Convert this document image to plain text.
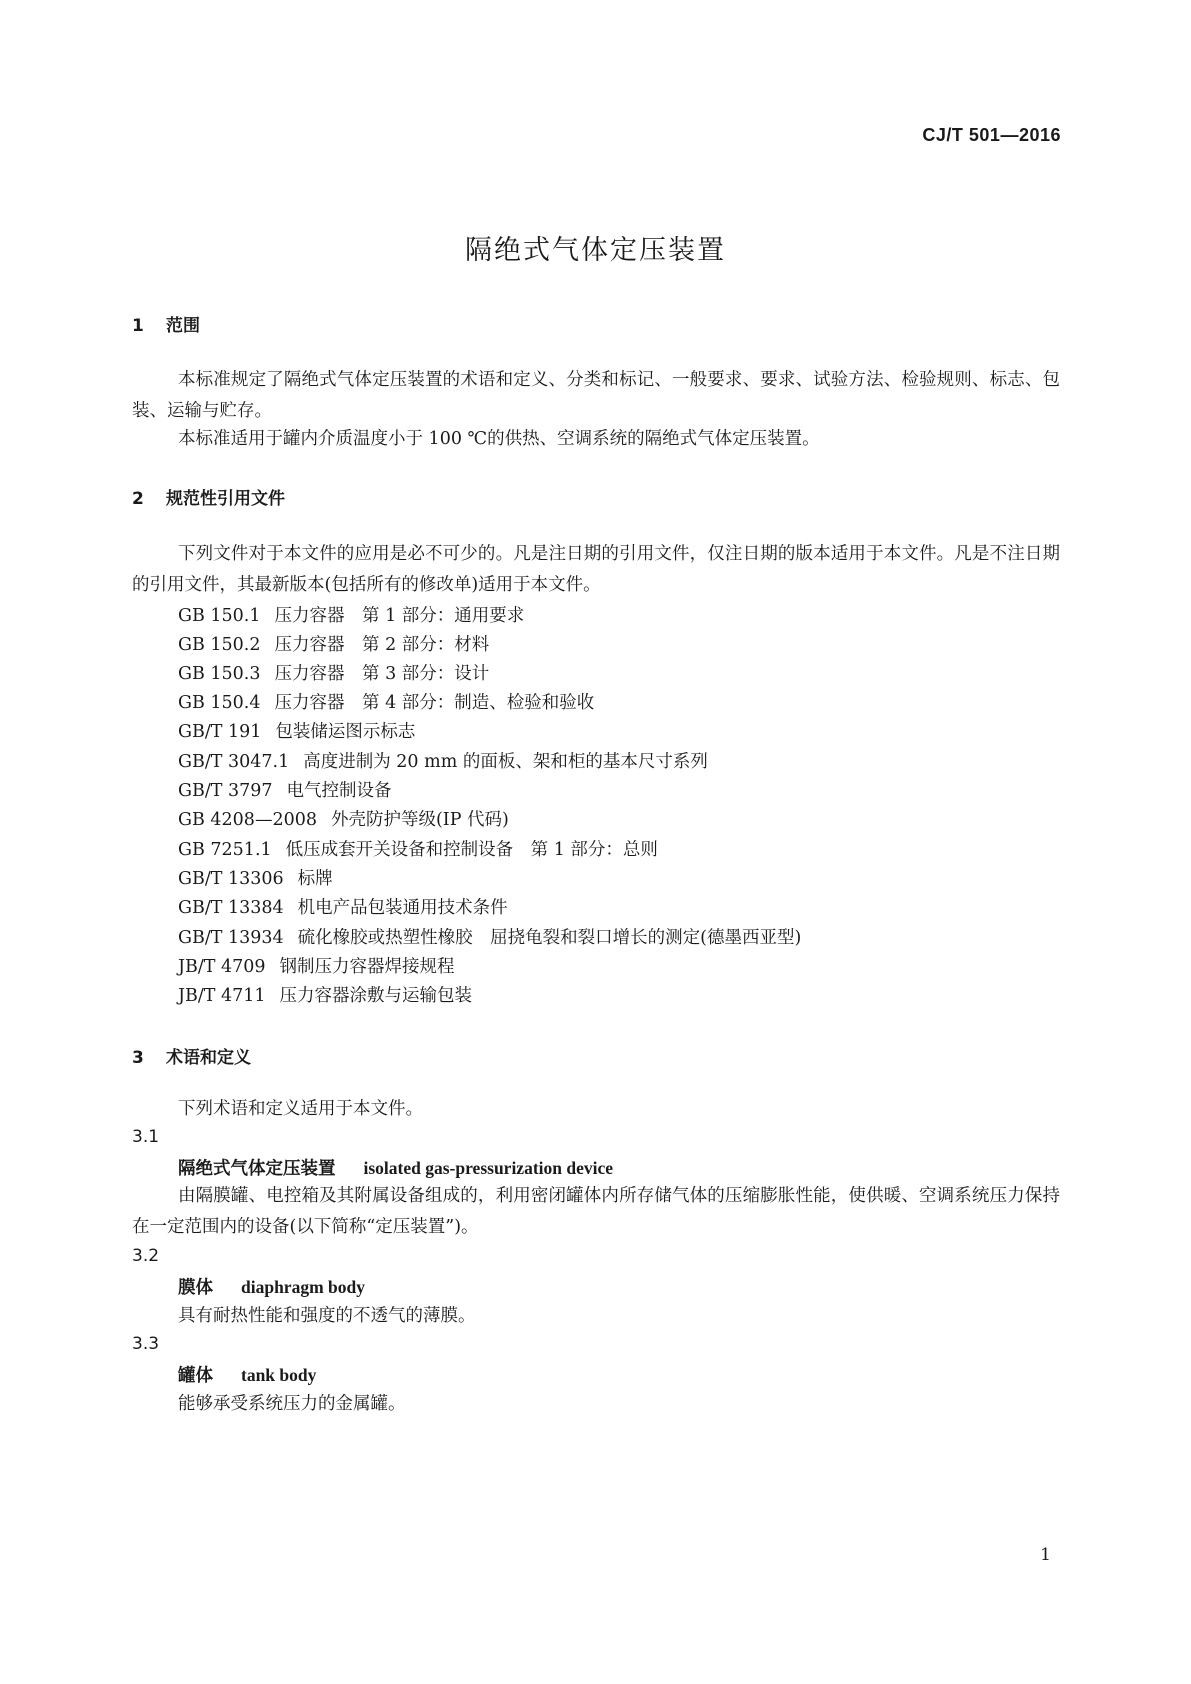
CJ/T 501—2016
隔绝式气体定压装置
1 范围
本标准规定了隔绝式气体定压装置的术语和定义、分类和标记、一般要求、要求、试验方法、检验规则、标志、包装、运输与贮存。
本标准适用于罐内介质温度小于 100 ℃的供热、空调系统的隔绝式气体定压装置。
2 规范性引用文件
下列文件对于本文件的应用是必不可少的。凡是注日期的引用文件，仅注日期的版本适用于本文件。凡是不注日期的引用文件，其最新版本(包括所有的修改单)适用于本文件。
GB 150.1 压力容器　第 1 部分：通用要求
GB 150.2 压力容器　第 2 部分：材料
GB 150.3 压力容器　第 3 部分：设计
GB 150.4 压力容器　第 4 部分：制造、检验和验收
GB/T 191 包装储运图示标志
GB/T 3047.1 高度进制为 20 mm 的面板、架和柜的基本尺寸系列
GB/T 3797 电气控制设备
GB 4208—2008 外壳防护等级(IP 代码)
GB 7251.1 低压成套开关设备和控制设备　第 1 部分：总则
GB/T 13306 标牌
GB/T 13384 机电产品包装通用技术条件
GB/T 13934 硫化橡胶或热塑性橡胶　屈挠龟裂和裂口增长的测定(德墨西亚型)
JB/T 4709 钢制压力容器焊接规程
JB/T 4711 压力容器涂敷与运输包装
3 术语和定义
下列术语和定义适用于本文件。
3.1
隔绝式气体定压装置 isolated gas-pressurization device
由隔膜罐、电控箱及其附属设备组成的，利用密闭罐体内所存储气体的压缩膨胀性能，使供暖、空调系统压力保持在一定范围内的设备(以下简称“定压装置”)。
3.2
膜体 diaphragm body
具有耐热性能和强度的不透气的薄膜。
3.3
罐体 tank body
能够承受系统压力的金属罐。
1
